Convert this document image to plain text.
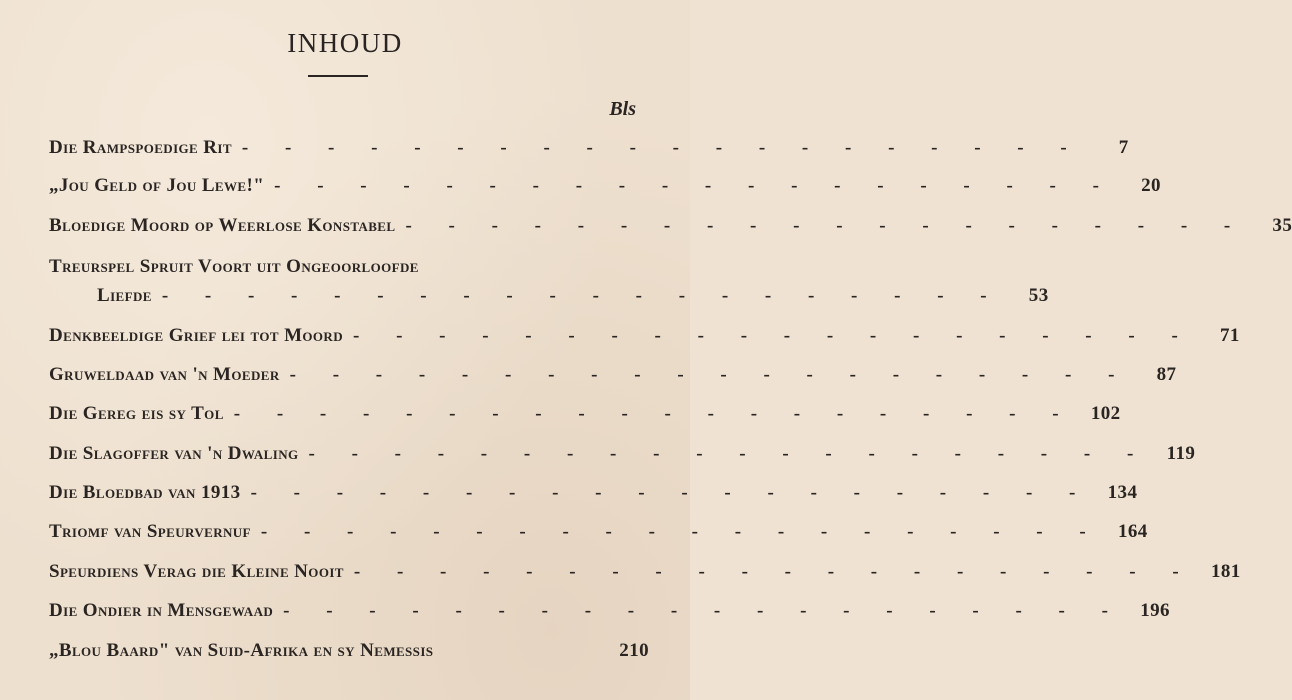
INHOUD
Bls
Die Rampspoedige Rit - - - - - - - - - - - - - - - - - - - -	7
„Jou Geld of Jou Lewe!" - - - - - - - - - - - - - - - - - - - -	20
Bloedige Moord op Weerlose Konstabel - - - - - - - - - - - - - - - - - - - -	35
Treurspel Spruit Voort uit Ongeoorloofde
Liefde - - - - - - - - - - - - - - - - - - - -	53
Denkbeeldige Grief lei tot Moord - - - - - - - - - - - - - - - - - - - -	71
Gruweldaad van 'n Moeder - - - - - - - - - - - - - - - - - - - -	87
Die Gereg eis sy Tol - - - - - - - - - - - - - - - - - - - - 102
Die Slagoffer van 'n Dwaling - - - - - - - - - - - - - - - - - - - - 119
Die Bloedbad van 1913 - - - - - - - - - - - - - - - - - - - - 134
Triomf van Speurvernuf - - - - - - - - - - - - - - - - - - - - 164
Speurdiens Verag die Kleine Nooit - - - - - - - - - - - - - - - - - - - - 181
Die Ondier in Mensgewaad - - - - - - - - - - - - - - - - - - - - 196
„Blou Baard" van Suid-Afrika en sy Nemessis	210
